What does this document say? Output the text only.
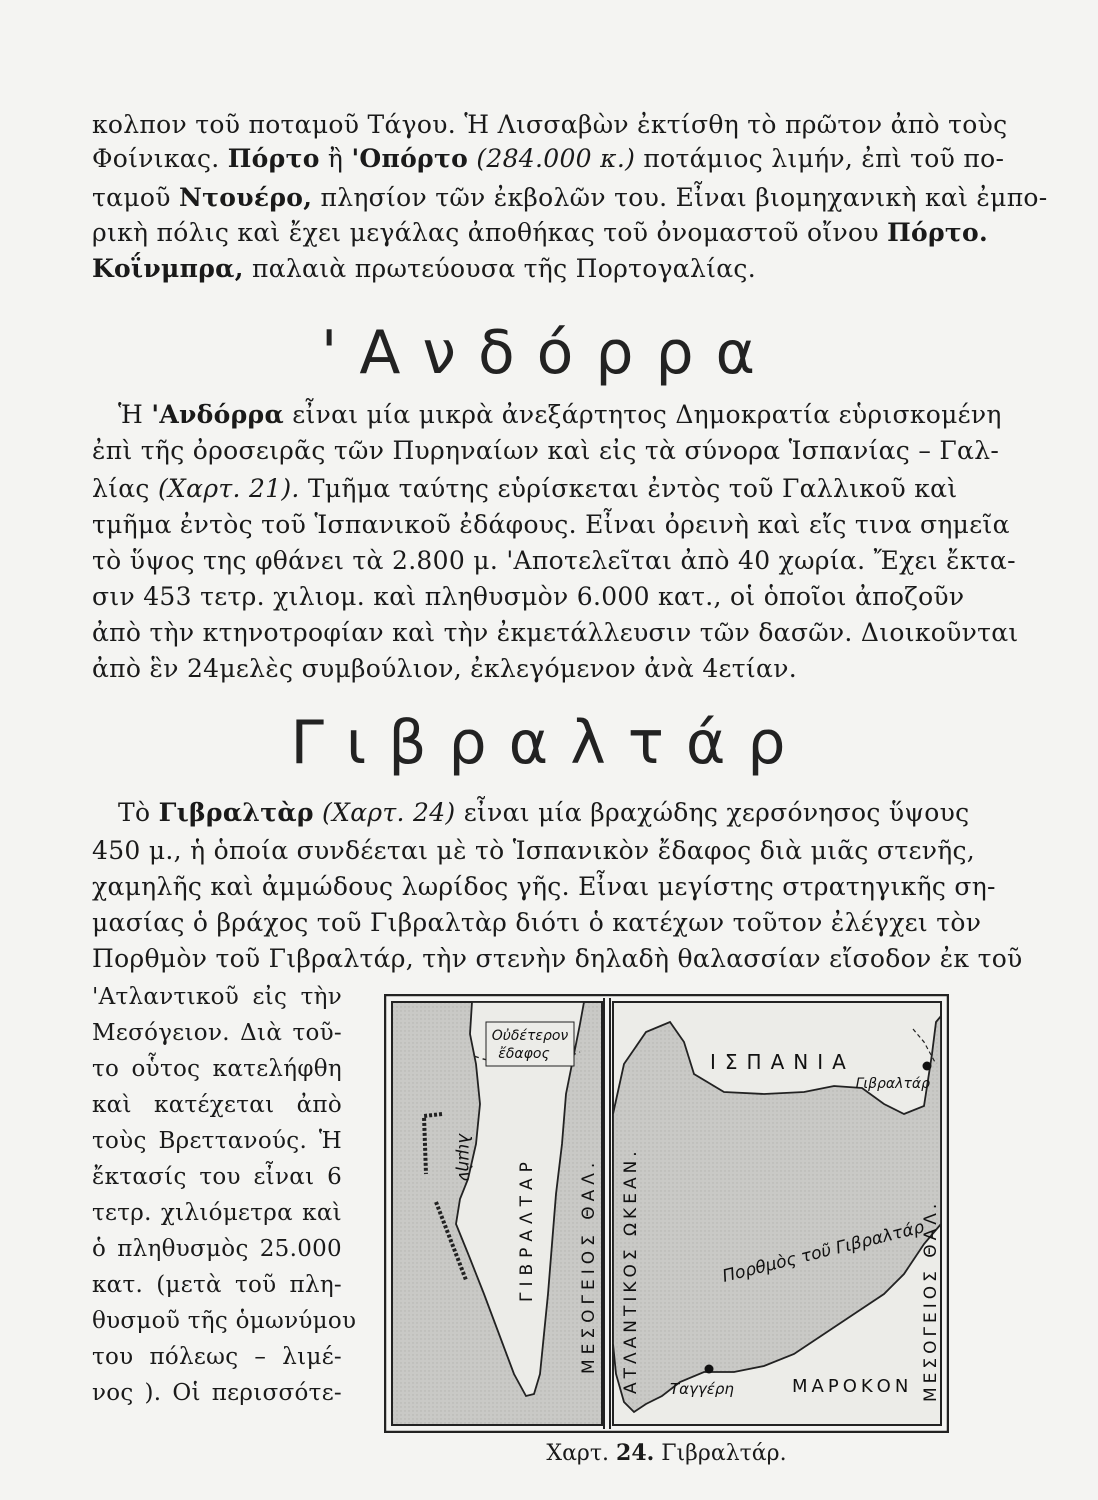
κολπον τοῦ ποταμοῦ Τάγου. Ἡ Λισσαβὼν ἐκτίσθη τὸ πρῶτον ἀπὸ τοὺς
Φοίνικας. Πόρτο ἢ 'Οπόρτο (284.000 κ.) ποτάμιος λιμήν, ἐπὶ τοῦ πο-
ταμοῦ Ντουέρο, πλησίον τῶν ἐκβολῶν του. Εἶναι βιομηχανικὴ καὶ ἐμπο-
ρικὴ πόλις καὶ ἔχει μεγάλας ἀποθήκας τοῦ ὀνομαστοῦ οἴνου Πόρτο.
Κοΐνμπρα, παλαιὰ πρωτεύουσα τῆς Πορτογαλίας.
'Ανδόρρα
Ἡ 'Ανδόρρα εἶναι μία μικρὰ ἀνεξάρτητος Δημοκρατία εὑρισκομένη
ἐπὶ τῆς ὀροσειρᾶς τῶν Πυρηναίων καὶ εἰς τὰ σύνορα Ἱσπανίας – Γαλ-
λίας (Χαρτ. 21). Τμῆμα ταύτης εὑρίσκεται ἐντὸς τοῦ Γαλλικοῦ καὶ
τμῆμα ἐντὸς τοῦ Ἱσπανικοῦ ἐδάφους. Εἶναι ὀρεινὴ καὶ εἴς τινα σημεῖα
τὸ ὕψος της φθάνει τὰ 2.800 μ. 'Αποτελεῖται ἀπὸ 40 χωρία. Ἔχει ἔκτα-
σιν 453 τετρ. χιλιομ. καὶ πληθυσμὸν 6.000 κατ., οἱ ὁποῖοι ἀποζοῦν
ἀπὸ τὴν κτηνοτροφίαν καὶ τὴν ἐκμετάλλευσιν τῶν δασῶν. Διοικοῦνται
ἀπὸ ἓν 24μελὲς συμβούλιον, ἐκλεγόμενον ἀνὰ 4ετίαν.
Γιβραλτάρ
Τὸ Γιβραλτὰρ (Χαρτ. 24) εἶναι μία βραχώδης χερσόνησος ὕψους
450 μ., ἡ ὁποία συνδέεται μὲ τὸ Ἱσπανικὸν ἔδαφος διὰ μιᾶς στενῆς,
χαμηλῆς καὶ ἀμμώδους λωρίδος γῆς. Εἶναι μεγίστης στρατηγικῆς ση-
μασίας ὁ βράχος τοῦ Γιβραλτὰρ διότι ὁ κατέχων τοῦτον ἐλέγχει τὸν
Πορθμὸν τοῦ Γιβραλτάρ, τὴν στενὴν δηλαδὴ θαλασσίαν εἴσοδον ἐκ τοῦ
'Ατλαντικοῦ εἰς τὴν
Μεσόγειον. Διὰ τοῦ-
το οὗτος κατελήφθη
καὶ κατέχεται ἀπὸ
τοὺς Βρεττανούς. Ἡ
ἔκτασίς του εἶναι 6
τετρ. χιλιόμετρα καὶ
ὁ πληθυσμὸς 25.000
κατ. (μετὰ τοῦ πλη-
θυσμοῦ τῆς ὁμωνύμου
του πόλεως – λιμέ-
νος ). Οἱ περισσότε-
Οὐδέτερον
ἔδαφος
λιμὴν	ΓΙΒΡΑΛΤΑΡ ΜΕΣΟΓΕΙΟΣ ΘΑΛ. ΑΤΛΑΝΤΙΚΟΣ ΩΚΕΑΝ.
ΙΣΠΑΝΙΑ
Γιβραλτάρ
Πορθμὸς τοῦ Γιβραλτάρ
Ταγγέρη	ΜΑΡΟΚΟΝ ΜΕΣΟΓΕΙΟΣ ΘΑΛ.
Χαρτ. 24. Γιβραλτάρ.
